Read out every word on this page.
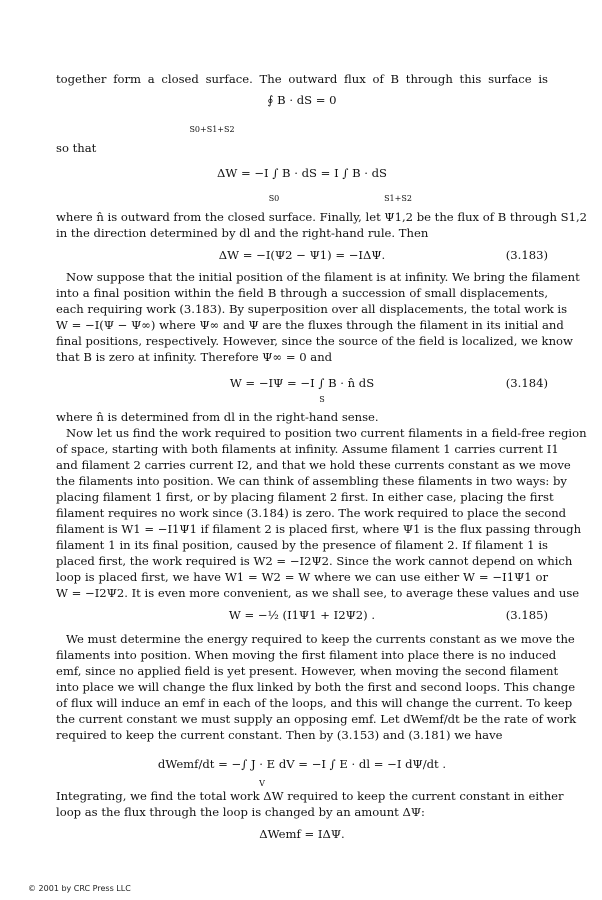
together form a closed surface. The outward flux of B through this surface is
∮ B · dS = 0
S0+S1+S2
so that
ΔW = −I ∫ B · dS = I ∫ B · dS
S0	S1+S2
where n̂ is outward from the closed surface. Finally, let Ψ1,2 be the flux of B through S1,2
in the direction determined by dl and the right-hand rule. Then
ΔW = −I(Ψ2 − Ψ1) = −IΔΨ.	(3.183)
Now suppose that the initial position of the filament is at infinity. We bring the filament
into a final position within the field B through a succession of small displacements,
each requiring work (3.183). By superposition over all displacements, the total work is
W = −I(Ψ − Ψ∞) where Ψ∞ and Ψ are the fluxes through the filament in its initial and
final positions, respectively. However, since the source of the field is localized, we know
that B is zero at infinity. Therefore Ψ∞ = 0 and
W = −IΨ = −I ∫ B · n̂ dS
S
(3.184)
where n̂ is determined from dl in the right-hand sense.
Now let us find the work required to position two current filaments in a field-free region
of space, starting with both filaments at infinity. Assume filament 1 carries current I1
and filament 2 carries current I2, and that we hold these currents constant as we move
the filaments into position. We can think of assembling these filaments in two ways: by
placing filament 1 first, or by placing filament 2 first. In either case, placing the first
filament requires no work since (3.184) is zero. The work required to place the second
filament is W1 = −I1Ψ1 if filament 2 is placed first, where Ψ1 is the flux passing through
filament 1 in its final position, caused by the presence of filament 2. If filament 1 is
placed first, the work required is W2 = −I2Ψ2. Since the work cannot depend on which
loop is placed first, we have W1 = W2 = W where we can use either W = −I1Ψ1 or
W = −I2Ψ2. It is even more convenient, as we shall see, to average these values and use
W = −½ (I1Ψ1 + I2Ψ2) .	(3.185)
We must determine the energy required to keep the currents constant as we move the
filaments into position. When moving the first filament into place there is no induced
emf, since no applied field is yet present. However, when moving the second filament
into place we will change the flux linked by both the first and second loops. This change
of flux will induce an emf in each of the loops, and this will change the current. To keep
the current constant we must supply an opposing emf. Let dWemf/dt be the rate of work
required to keep the current constant. Then by (3.153) and (3.181) we have
dWemf/dt = −∫ J · E dV = −I ∫ E · dl = −I dΨ/dt .
V
Integrating, we find the total work ΔW required to keep the current constant in either
loop as the flux through the loop is changed by an amount ΔΨ:
ΔWemf = IΔΨ.
© 2001 by CRC Press LLC
